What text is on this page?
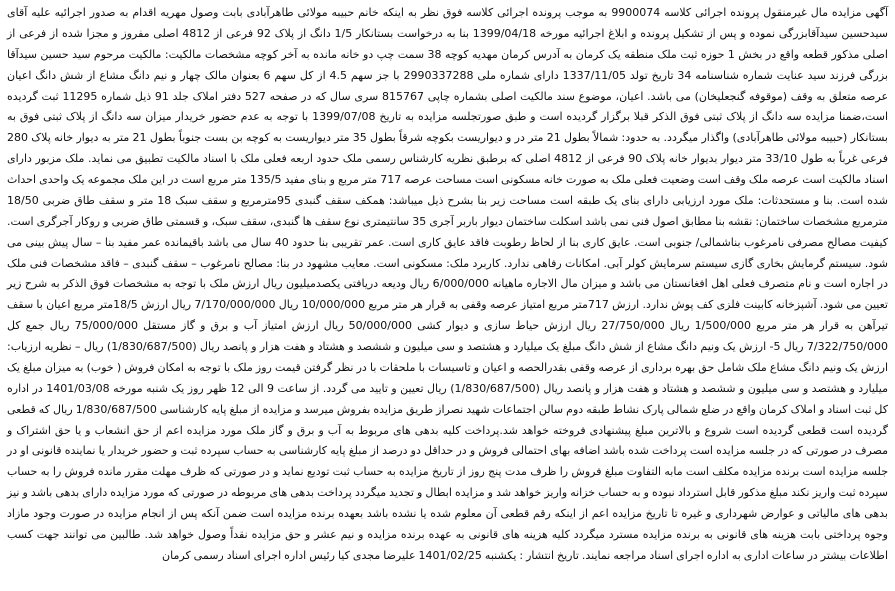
آگهی مزایده مال غیرمنقول پرونده اجرائی کلاسه 9900074 به موجب پرونده اجرائی کلاسه فوق نظر به اینکه خانم حبیبه مولائی طاهرآبادی بابت وصول مهریه اقدام به صدور اجرائیه علیه آقای سیدحسین سیدآقابزرگی نموده و پس از تشکیل پرونده و ابلاغ اجرائیه مورخه 1399/04/18 بنا به درخواست بستانکار 1/5 دانگ از پلاک 92 فرعی از 4812 اصلی مفروز و مجزا شده از فرعی از اصلی مذکور قطعه واقع در بخش 1 حوزه ثبت ملک منطقه یک کرمان به آدرس کرمان مهدیه کوچه 38 سمت چپ دو خانه مانده به آخر کوچه مشخصات مالکیت: مالکیت مرحوم سید حسین سیدآقا بزرگی فرزند سید عنایت شماره شناسنامه 34 تاریخ تولد 1337/11/05 دارای شماره ملی 2990337288 با جز سهم 4.5 از کل سهم 6 بعنوان مالک چهار و نیم دانگ مشاع از شش دانگ اعیان عرصه متعلق به وقف (موقوفه گنجعلیخان) می باشد. اعیان، موضوع سند مالکیت اصلی بشماره چاپی 815767 سری سال که در صفحه 527 دفتر املاک جلد 91 ذیل شماره 11295 ثبت گردیده است،ضمنا مزایده سه دانگ از پلاک ثبتی فوق الذکر قبلا برگزار گردیده است و طبق صورتجلسه مزایده به تاریخ 1399/07/08 با توجه به عدم حضور خریدار میزان سه دانگ از پلاک ثبتی فوق به بستانکار (حبیبه مولائی طاهرآبادی) واگذار میگردد. به حدود: شمالاً بطول 21 متر در و دیواریست بکوچه شرقاً بطول 35 متر دیواریست به کوچه بن بست جنوباً بطول 21 متر به دیوار خانه پلاک 280 فرعی غرباً به طول 33/10 متر دیوار بدیوار خانه پلاک 90 فرعی از 4812 اصلی که برطبق نظریه کارشناس رسمی ملک حدود اربعه فعلی ملک با اسناد مالکیت تطبیق می نماید. ملک مزبور دارای اسناد مالکیت است عرصه ملک وقف است وضعیت فعلی ملک به صورت خانه مسکونی است مساحت عرصه 717 متر مربع و بنای مفید 135/5 متر مربع است در این ملک مجموعه یک واحدی احداث شده است. بنا و مستحدثات: ملک مورد ارزیابی دارای بنای یک طبقه است مساحت زیر بنا بشرح ذیل میباشد: همکف سقف گنبدی 95مترمربع و سقف سبک 18 متر و سقف طاق ضربی 18/50 مترمربع مشخصات ساختمان: نقشه بنا مطابق اصول فنی نمی باشد اسکلت ساختمان دیوار باربر آجری 35 سانتیمتری نوع سقف ها گنبدی، سقف سبک، و قسمتی طاق ضربی و روکار آجرگری است. کیفیت مصالح مصرفی نامرغوب بناشمالی/ جنوبی است. عایق کاری بنا از لحاظ رطوبت فاقد عایق کاری است. عمر تقریبی بنا حدود 40 سال می باشد باقیمانده عمر مفید بنا – سال پیش بینی می شود. سیستم گرمایش بخاری گازی سیستم سرمایش کولر آبی. امکانات رفاهی ندارد. کاربرد ملک: مسکونی است. معایب مشهود در بنا: مصالح نامرغوب – سقف گنبدی – فاقد مشخصات فنی ملک در اجاره است و نام متصرف فعلی اهل افغانستان می باشد و میزان مال الاجاره ماهیانه 6/000/000 ریال ودیعه دریافتی یکصدمیلیون ریال ارزش ملک با توجه به مشخصات فوق الذکر به شرح زیر تعیین می شود. آشپزخانه کابینت فلزی کف پوش ندارد. ارزش 717متر مربع امتیاز عرصه وقفی به قرار هر متر مربع 10/000/000 ریال 7/170/000/000 ریال ارزش 18/5متر مربع اعیان با سقف تیرآهن به قرار هر متر مربع 1/500/000 ریال 27/750/000 ریال ارزش حیاط سازی و دیوار کشی 50/000/000 ریال ارزش امتیاز آب و برق و گاز مستقل 75/000/000 ریال جمع کل 7/322/750/000 ریال 5- ارزش یک ونیم دانگ مشاع از شش دانگ مبلغ یک میلیارد و هشتصد و سی میلیون و ششصد و هشتاد و هفت هزار و پانصد ریال (1/830/687/500) ریال – نظریه ارزیاب: ارزش یک ونیم دانگ مشاع ملک شامل حق بهره برداری از عرصه وقفی بقدرالحصه و اعیان و تاسیسات با ملحقات با در نظر گرفتن قیمت روز ملک با توجه به امکان فروش ( خوب) به میزان مبلغ یک میلیارد و هشتصد و سی میلیون و ششصد و هشتاد و هفت هزار و پانصد ریال (1/830/687/500) ریال تعیین و تایید می گردد. از ساعت 9 الی 12 ظهر روز یک شنبه مورخه 1401/03/08 در اداره کل ثبت اسناد و املاک کرمان واقع در ضلع شمالی پارک نشاط طبقه دوم سالن اجتماعات شهید نصراز طریق مزایده بفروش میرسد و مزایده از مبلغ پایه کارشناسی 1/830/687/500 ریال که قطعی گردیده است قطعی گردیده است شروع و بالاترین مبلغ پیشنهادی فروخته خواهد شد.پرداخت کلیه بدهی های مربوط به آب و برق و گاز ملک مورد مزایده اعم از حق انشعاب و یا حق اشتراک و مصرف در صورتی که در جلسه مزایده است پرداخت شده باشد اضافه بهای احتمالی فروش و در حداقل دو درصد از مبلغ پایه کارشناسی به حساب سپرده ثبت و حضور خریدار یا نماینده قانونی او در جلسه مزایده است برنده مزایده مکلف است مابه التفاوت مبلغ فروش را ظرف مدت پنج روز از تاریخ مزایده به حساب ثبت تودیع نماید و در صورتی که ظرف مهلت مقرر مانده فروش را به حساب سپرده ثبت واریز نکند مبلغ مذکور قابل استرداد نبوده و به حساب خزانه واریز خواهد شد و مزایده ابطال و تجدید میگردد پرداخت بدهی های مربوطه در صورتی که مورد مزایده دارای بدهی باشد و نیز بدهی های مالیاتی و عوارض شهرداری و غیره تا تاریخ مزایده اعم از اینکه رقم قطعی آن معلوم شده یا نشده باشد بعهده برنده مزایده است ضمن آنکه پس از انجام مزایده در صورت وجود مازاد وجوه پرداختی بابت هزینه های قانونی به برنده مزایده مسترد میگردد کلیه هزینه های قانونی به عهده برنده مزایده و نیم عشر و حق مزایده نقداً وصول خواهد شد. طالبین می توانند جهت کسب اطلاعات بیشتر در ساعات اداری به اداره اجرای اسناد مراجعه نمایند. تاریخ انتشار : یکشنبه 1401/02/25 علیرضا مجدی کیا رئیس اداره اجرای اسناد رسمی کرمان
